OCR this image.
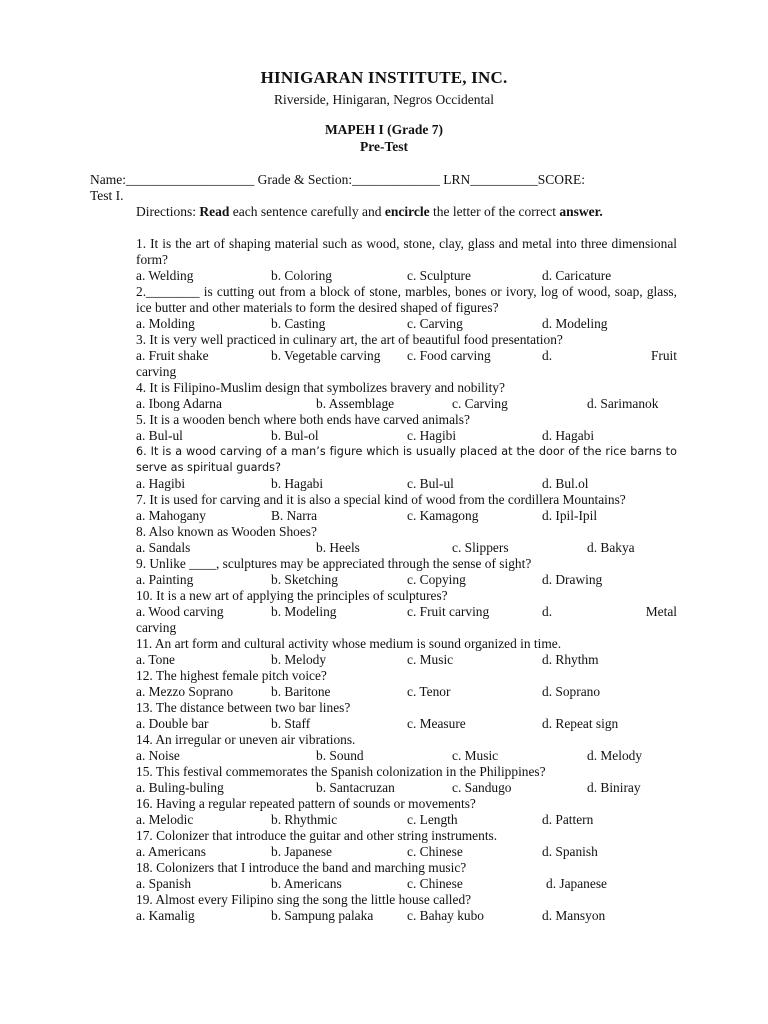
HINIGARAN INSTITUTE, INC.
Riverside, Hinigaran, Negros Occidental
MAPEH I (Grade 7)
Pre-Test
Name:___________________ Grade & Section:_____________ LRN__________SCORE:
Test I.
Directions: Read each sentence carefully and encircle the letter of the correct answer.
1. It is the art of shaping material such as wood, stone, clay, glass and metal into three dimensional form?
a. Welding	b. Coloring	c. Sculpture	d. Caricature
2.________ is cutting out from a block of stone, marbles, bones or ivory, log of wood, soap, glass, ice butter and other materials to form the desired shaped of figures?
a. Molding	b. Casting	c. Carving	d. Modeling
3. It is very well practiced in culinary art, the art of beautiful food presentation?
a. Fruit shake	b. Vegetable carving c. Food carving	d. Fruit carving
4. It is Filipino-Muslim design that symbolizes bravery and nobility?
a. Ibong Adarna	b. Assemblage	c. Carving	d. Sarimanok
5. It is a wooden bench where both ends have carved animals?
a. Bul-ul	b. Bul-ol	c. Hagibi	d. Hagabi
6. It is a wood carving of a man’s figure which is usually placed at the door of the rice barns to serve as spiritual guards?
a. Hagibi	b. Hagabi	c. Bul-ul	d. Bul.ol
7. It is used for carving and it is also a special kind of wood from the cordillera Mountains?
a. Mahogany	B. Narra	c. Kamagong	d. Ipil-Ipil
8. Also known as Wooden Shoes?
a. Sandals	b. Heels	c. Slippers	d. Bakya
9. Unlike ____, sculptures may be appreciated through the sense of sight?
a. Painting	b. Sketching	c. Copying	d. Drawing
10. It is a new art of applying the principles of sculptures?
a. Wood carving	b. Modeling	c. Fruit carving	d. Metal carving
11. An art form and cultural activity whose medium is sound organized in time.
a. Tone	b. Melody	c. Music	d. Rhythm
12. The highest female pitch voice?
a. Mezzo Soprano	b. Baritone	c. Tenor	d. Soprano
13. The distance between two bar lines?
a. Double bar	b. Staff	c. Measure	d. Repeat sign
14. An irregular or uneven air vibrations.
a. Noise	b. Sound	c. Music	d. Melody
15. This festival commemorates the Spanish colonization in the Philippines?
a. Buling-buling	b. Santacruzan	c. Sandugo	d. Biniray
16. Having a regular repeated pattern of sounds or movements?
a. Melodic	b. Rhythmic	c. Length	d. Pattern
17. Colonizer that introduce the guitar and other string instruments.
a. Americans	b. Japanese	c. Chinese	d. Spanish
18. Colonizers that I introduce the band and marching music?
a. Spanish	b. Americans	c. Chinese	d. Japanese
19. Almost every Filipino sing the song the little house called?
a. Kamalig	b. Sampung palaka	c. Bahay kubo	d. Mansyon
